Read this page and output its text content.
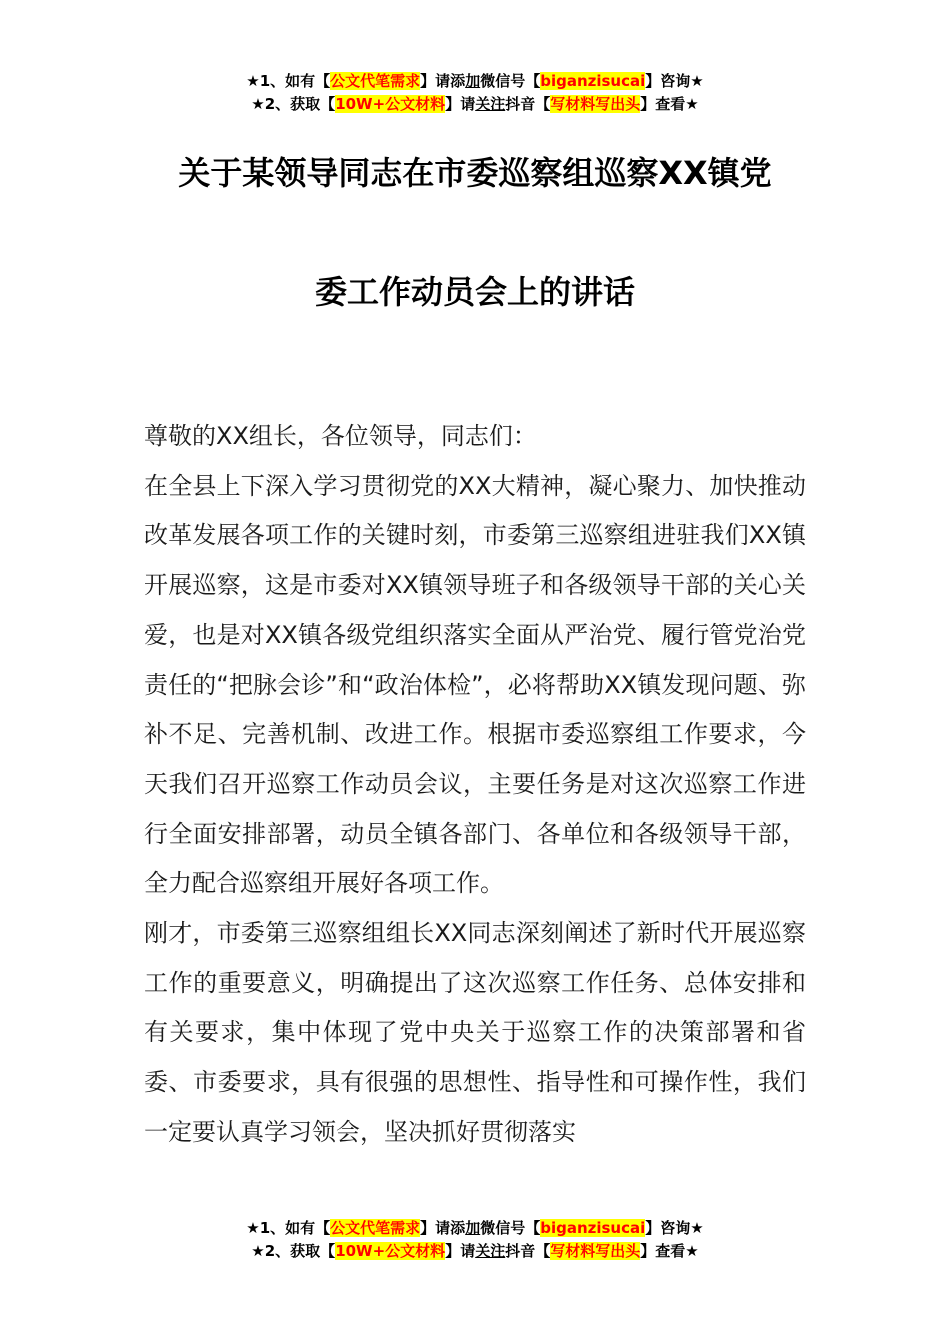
★1、如有【公文代笔需求】请添加微信号【biganzisucai】咨询★
★2、获取【10W+公文材料】请关注抖音【写材料写出头】查看★
关于某领导同志在市委巡察组巡察XX镇党
委工作动员会上的讲话

尊敬的XX组长，各位领导，同志们：

在全县上下深入学习贯彻党的XX大精神，凝心聚力、加快推动改革发展各项工作的关键时刻，市委第三巡察组进驻我们XX镇开展巡察，这是市委对XX镇领导班子和各级领导干部的关心关爱，也是对XX镇各级党组织落实全面从严治党、履行管党治党责任的“把脉会诊”和“政治体检”，必将帮助XX镇发现问题、弥补不足、完善机制、改进工作。根据市委巡察组工作要求，今天我们召开巡察工作动员会议，主要任务是对这次巡察工作进行全面安排部署，动员全镇各部门、各单位和各级领导干部，全力配合巡察组开展好各项工作。

刚才，市委第三巡察组组长XX同志深刻阐述了新时代开展巡察工作的重要意义，明确提出了这次巡察工作任务、总体安排和有关要求，集中体现了党中央关于巡察工作的决策部署和省委、市委要求，具有很强的思想性、指导性和可操作性，我们一定要认真学习领会，坚决抓好贯彻落实

★1、如有【公文代笔需求】请添加微信号【biganzisucai】咨询★
★2、获取【10W+公文材料】请关注抖音【写材料写出头】查看★
